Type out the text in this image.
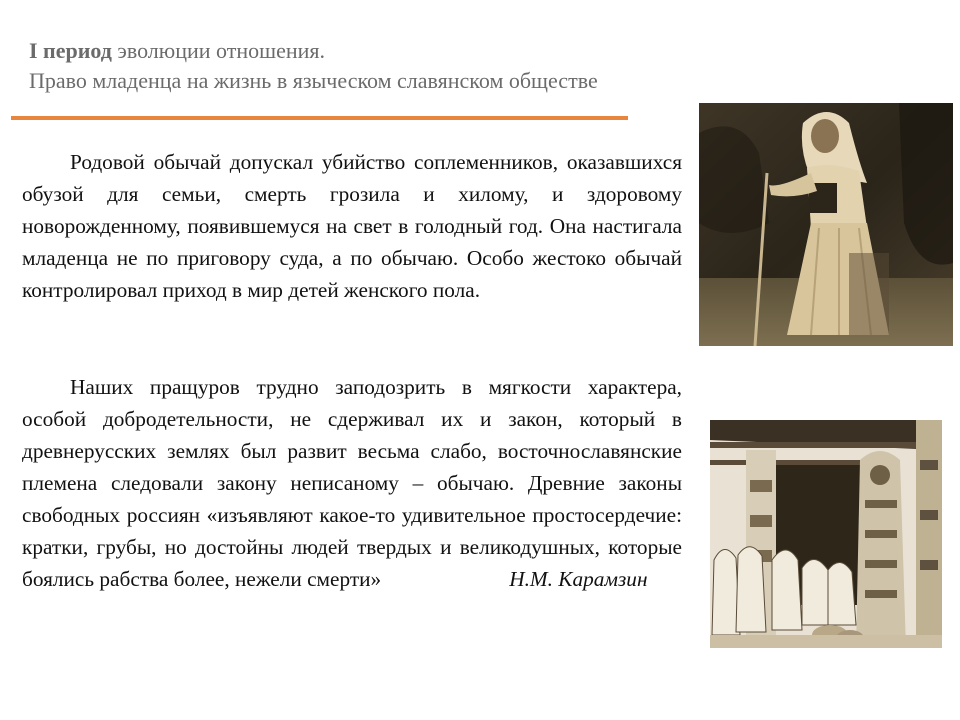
I период эволюции отношения.
Право младенца на жизнь в языческом славянском обществе

Родовой обычай допускал убийство соплеменников, оказавшихся обузой для семьи, смерть грозила и хилому, и здоровому новорожденному, появившемуся на свет в голодный год. Она настигала младенца не по приговору суда, а по обычаю. Особо жестоко обычай контролировал приход в мир детей женского пола.

Наших пращуров трудно заподозрить в мягкости характера, особой добродетельности, не сдерживал их и закон, который в древнерусских землях был развит весьма слабо, восточнославянские племена следовали закону неписаному – обычаю. Древние законы свободных россиян «изъявляют какое-то удивительное простосердечие: кратки, грубы, но достойны людей твердых и великодушных, которые боялись рабства более, нежели смерти»	Н.М. Карамзин
